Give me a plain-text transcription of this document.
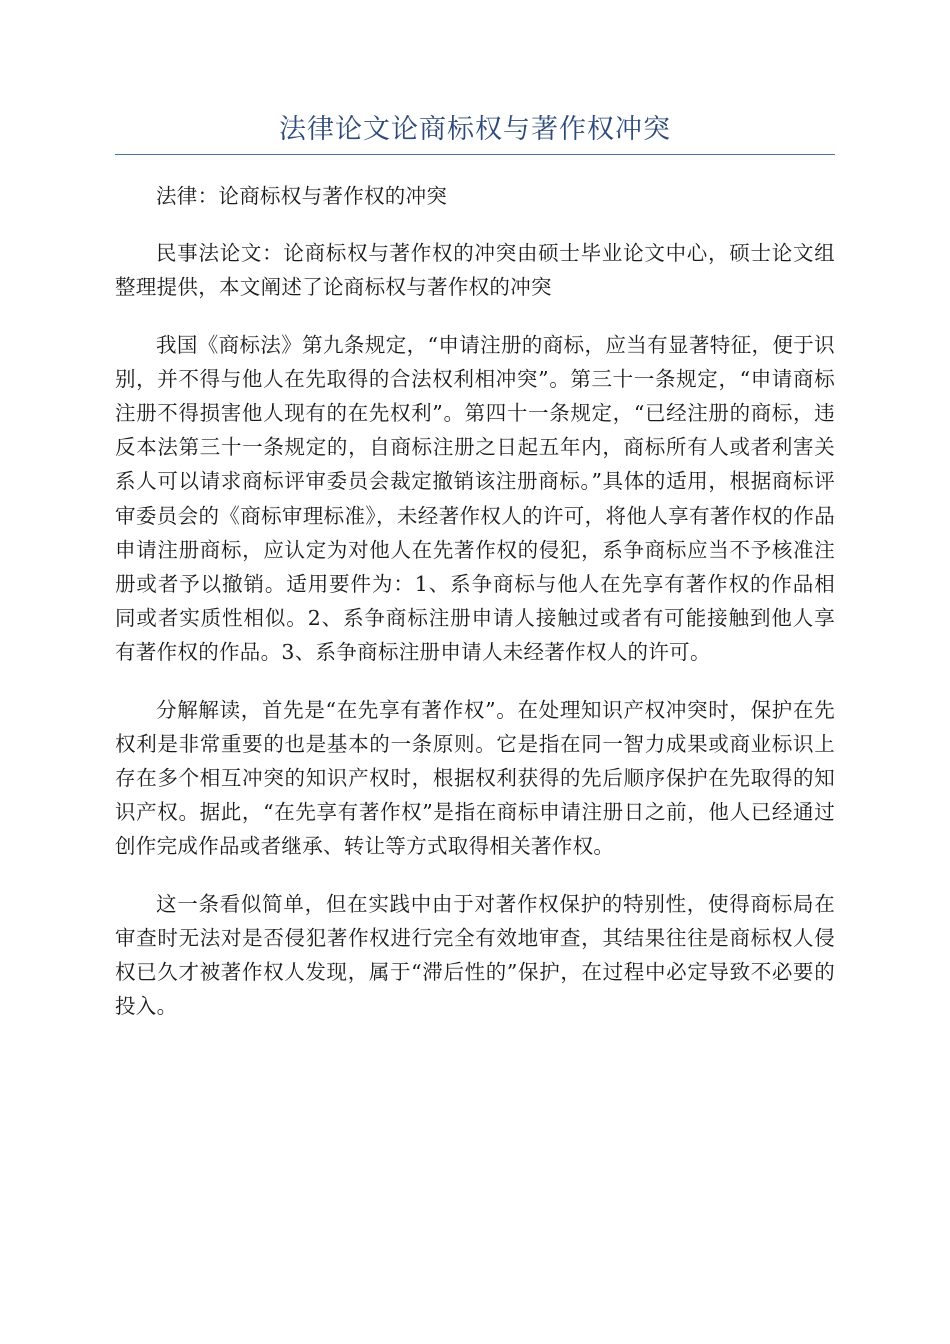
法律论文论商标权与著作权冲突

法律：论商标权与著作权的冲突

民事法论文：论商标权与著作权的冲突由硕士毕业论文中心，硕士论文组整理提供，本文阐述了论商标权与著作权的冲突

我国《商标法》第九条规定，“申请注册的商标，应当有显著特征，便于识别，并不得与他人在先取得的合法权利相冲突”。第三十一条规定，“申请商标注册不得损害他人现有的在先权利”。第四十一条规定，“已经注册的商标，违反本法第三十一条规定的，自商标注册之日起五年内，商标所有人或者利害关系人可以请求商标评审委员会裁定撤销该注册商标。”具体的适用，根据商标评审委员会的《商标审理标准》，未经著作权人的许可，将他人享有著作权的作品申请注册商标，应认定为对他人在先著作权的侵犯，系争商标应当不予核准注册或者予以撤销。适用要件为：1、系争商标与他人在先享有著作权的作品相同或者实质性相似。2、系争商标注册申请人接触过或者有可能接触到他人享有著作权的作品。3、系争商标注册申请人未经著作权人的许可。

分解解读，首先是“在先享有著作权”。在处理知识产权冲突时，保护在先权利是非常重要的也是基本的一条原则。它是指在同一智力成果或商业标识上存在多个相互冲突的知识产权时，根据权利获得的先后顺序保护在先取得的知识产权。据此，“在先享有著作权”是指在商标申请注册日之前，他人已经通过创作完成作品或者继承、转让等方式取得相关著作权。

这一条看似简单，但在实践中由于对著作权保护的特别性，使得商标局在审查时无法对是否侵犯著作权进行完全有效地审查，其结果往往是商标权人侵权已久才被著作权人发现，属于“滞后性的”保护，在过程中必定导致不必要的投入。
